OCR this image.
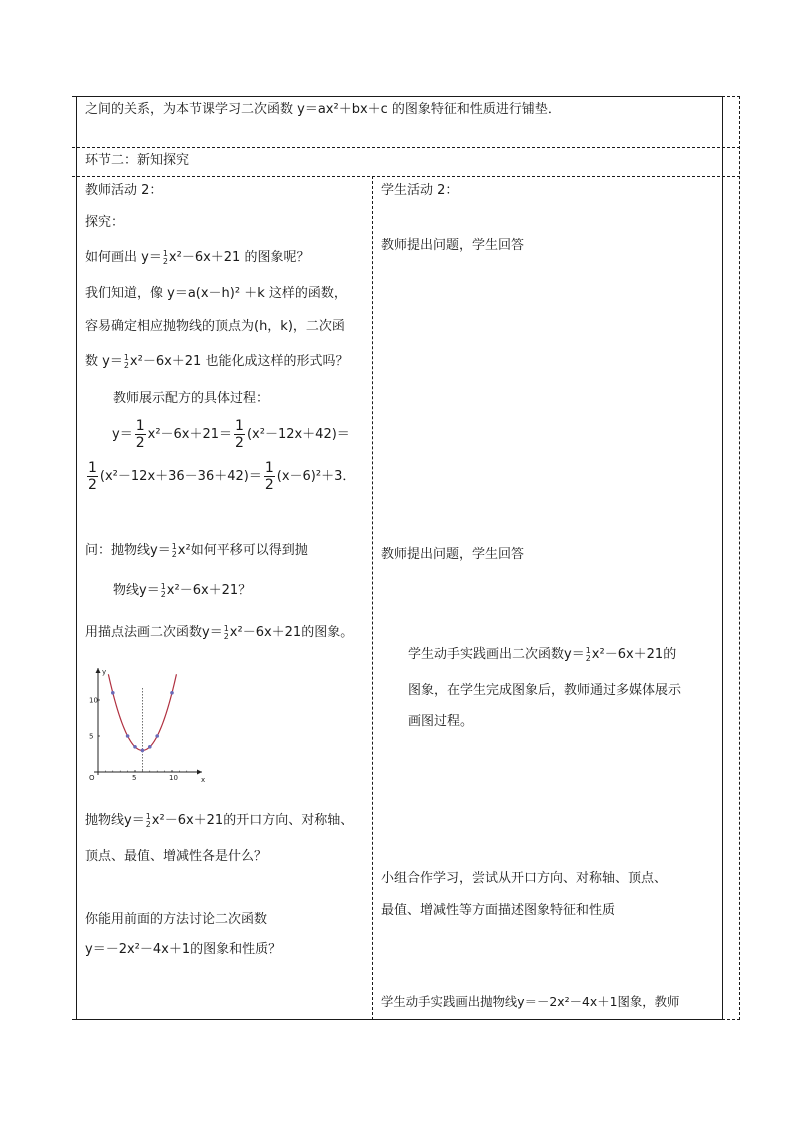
之间的关系，为本节课学习二次函数 y＝ax²＋bx＋c 的图象特征和性质进行铺垫．
环节二：新知探究
教师活动 2：
探究：
如何画出 y＝ 1
2 x²－6x＋21 的图象呢？
我们知道，像 y＝a(x－h)² ＋k 这样的函数，
容易确定相应抛物线的顶点为(h，k)，二次函
数 y＝ 1
2 x²－6x＋21 也能化成这样的形式吗？
教师展示配方的具体过程：
$y= \frac{1}{2} x^2-6x+21= \frac{1}{2} (x^2-12x+42)=$
$\frac{1}{2} (x^2-12x+36-36+42)= \frac{1}{2} (x-6)^2+3$．
问：抛物线y＝ 1
2 x²如何平移可以得到抛
物线y＝ 1
2 x²－6x＋21？
用描点法画二次函数y＝ 1
2 x²－6x＋21的图象。
x
y
O	5	10
5
10
抛物线y＝ 1
2 x²－6x＋21的开口方向、对称轴、
顶点、最值、增减性各是什么？
你能用前面的方法讨论二次函数
y＝－2x²－4x＋1的图象和性质？
学生活动 2：
教师提出问题，学生回答
教师提出问题，学生回答
学生动手实践画出二次函数y＝ 1
2 x²－6x＋21的
图象，在学生完成图象后，教师通过多媒体展示
画图过程。
小组合作学习，尝试从开口方向、对称轴、顶点、
最值、增减性等方面描述图象特征和性质
学生动手实践画出抛物线y＝－2x²－4x＋1图象，教师
